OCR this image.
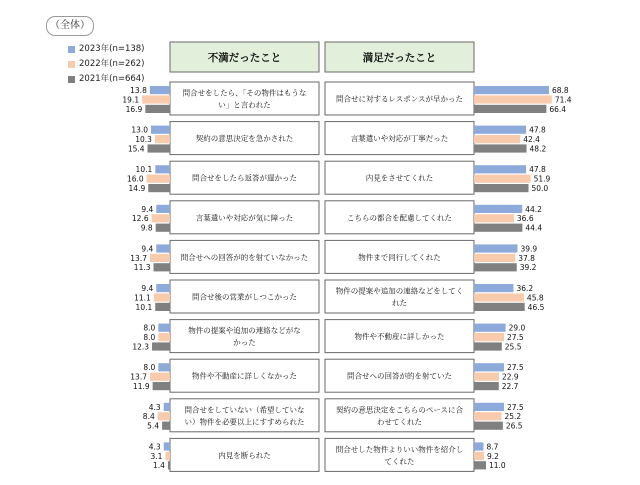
（全体）
2023年(n=138)
2022年(n=262)
2021年(n=664)
不満だったこと
問合せをしたら、「その物件はもうな
い」と言われた
13.8
19.1
16.9
契約の意思決定を急かされた
13.0
10.3
15.4
問合せをしたら返答が遅かった
10.1
16.0
14.9
言葉遣いや対応が気に障った
9.4
12.6
9.8
問合せへの回答が的を射ていなかった
9.4
13.7
11.3
問合せ後の営業がしつこかった
9.4
11.1
10.1
物件の提案や追加の連絡などがな
かった
8.0
8.0
12.3
物件や不動産に詳しくなかった
8.0
13.7
11.9
問合せをしていない（希望していな
い）物件を必要以上にすすめられた
4.3
8.4
5.4
内見を断られた
4.3
3.1
1.4
満足だったこと
問合せに対するレスポンスが早かった
68.8
71.4
66.4
言葉遣いや対応が丁寧だった
47.8
42.4
48.2
内見をさせてくれた
47.8
51.9
50.0
こちらの都合を配慮してくれた
44.2
36.6
44.4
物件まで同行してくれた
39.9
37.8
39.2
物件の提案や追加の連絡などをしてく
れた
36.2
45.8
46.5
物件や不動産に詳しかった
29.0
27.5
25.5
問合せへの回答が的を射ていた
27.5
22.9
22.7
契約の意思決定をこちらのペースに合
わせてくれた
27.5
25.2
26.5
問合せした物件よりいい物件を紹介し
てくれた
8.7
9.2
11.0
